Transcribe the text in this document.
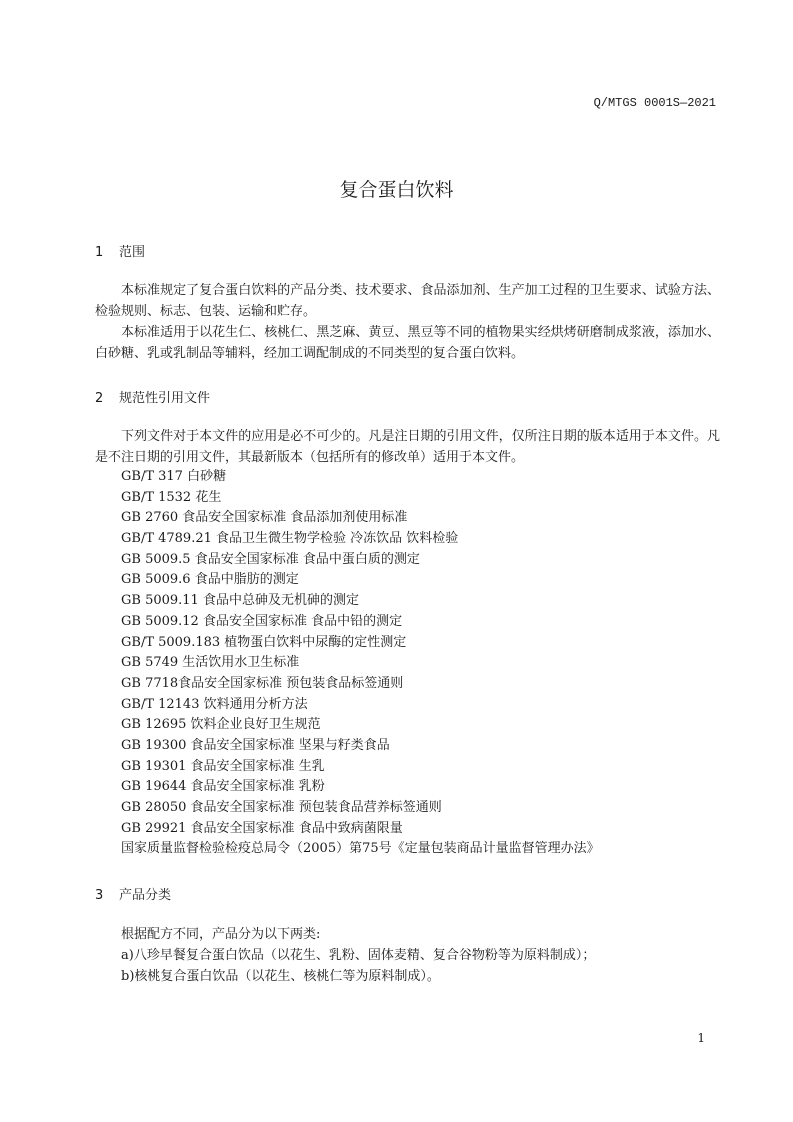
Q/MTGS 0001S—2021
复合蛋白饮料
1 范围

本标准规定了复合蛋白饮料的产品分类、技术要求、食品添加剂、生产加工过程的卫生要求、试验方法、检验规则、标志、包装、运输和贮存。

本标准适用于以花生仁、核桃仁、黑芝麻、黄豆、黑豆等不同的植物果实经烘烤研磨制成浆液，添加水、白砂糖、乳或乳制品等辅料，经加工调配制成的不同类型的复合蛋白饮料。

2 规范性引用文件

下列文件对于本文件的应用是必不可少的。凡是注日期的引用文件，仅所注日期的版本适用于本文件。凡是不注日期的引用文件，其最新版本（包括所有的修改单）适用于本文件。

GB/T 317 白砂糖
GB/T 1532 花生
GB 2760 食品安全国家标准 食品添加剂使用标准
GB/T 4789.21 食品卫生微生物学检验 冷冻饮品 饮料检验
GB 5009.5 食品安全国家标准 食品中蛋白质的测定
GB 5009.6 食品中脂肪的测定
GB 5009.11 食品中总砷及无机砷的测定
GB 5009.12 食品安全国家标准 食品中铅的测定
GB/T 5009.183 植物蛋白饮料中尿酶的定性测定
GB 5749 生活饮用水卫生标准
GB 7718食品安全国家标准 预包装食品标签通则
GB/T 12143 饮料通用分析方法
GB 12695 饮料企业良好卫生规范
GB 19300 食品安全国家标准 坚果与籽类食品
GB 19301 食品安全国家标准 生乳
GB 19644 食品安全国家标准 乳粉
GB 28050 食品安全国家标准 预包装食品营养标签通则
GB 29921 食品安全国家标准 食品中致病菌限量
国家质量监督检验检疫总局令（2005）第75号《定量包装商品计量监督管理办法》
3 产品分类
根据配方不同，产品分为以下两类:
a)八珍早餐复合蛋白饮品（以花生、乳粉、固体麦精、复合谷物粉等为原料制成）；
b)核桃复合蛋白饮品（以花生、核桃仁等为原料制成）。
1
